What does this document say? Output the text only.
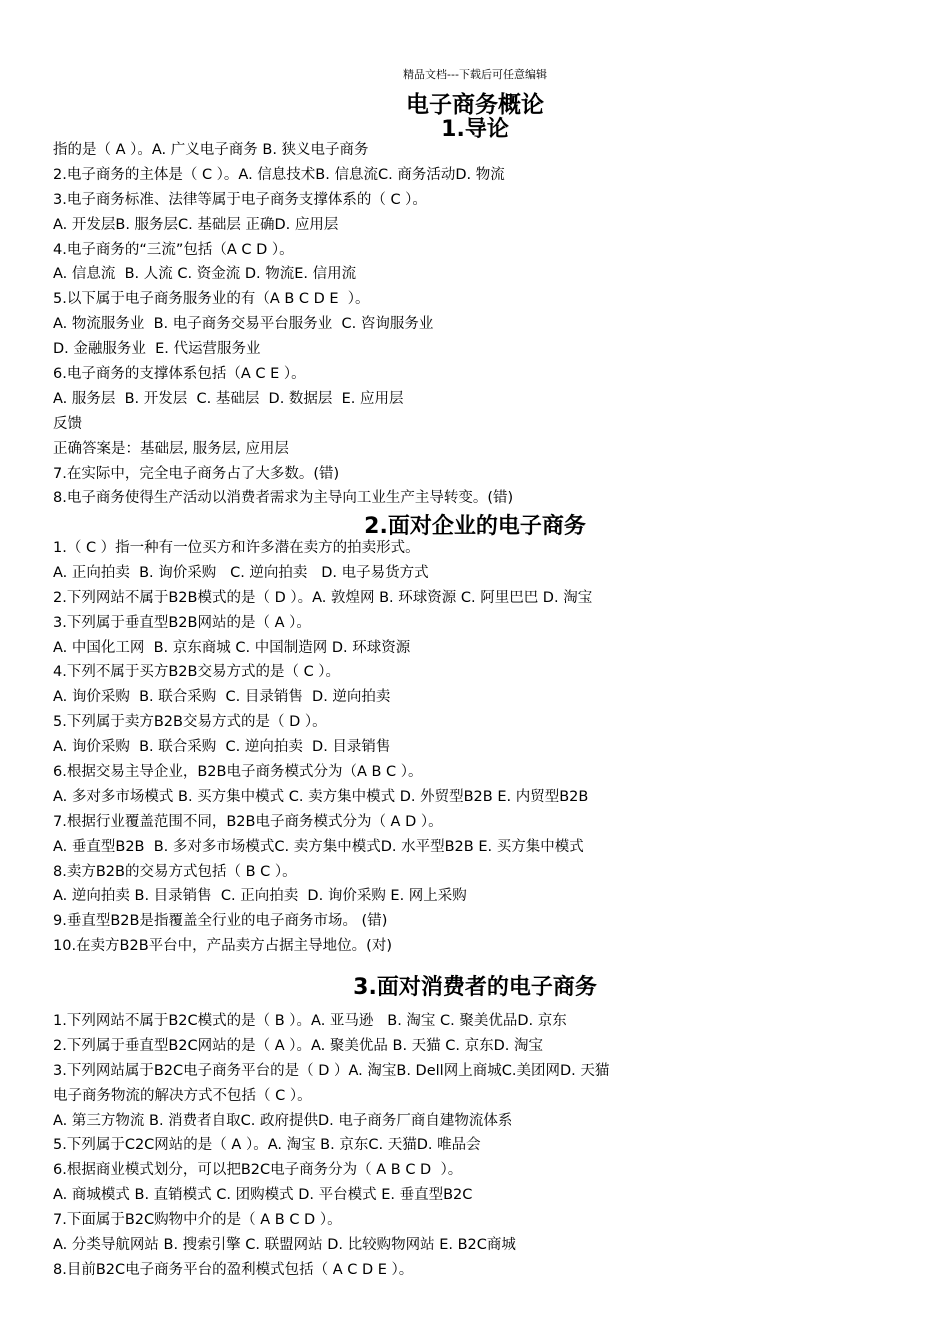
精品文档---下载后可任意编辑
电子商务概论
1.导论
指的是（ A ）。A. 广义电子商务 B. 狭义电子商务
2.电子商务的主体是（ C ）。A. 信息技术B. 信息流C. 商务活动D. 物流
3.电子商务标准、法律等属于电子商务支撑体系的（ C ）。
A. 开发层B. 服务层C. 基础层 正确D. 应用层
4.电子商务的“三流”包括（A C D ）。
A. 信息流  B. 人流 C. 资金流 D. 物流E. 信用流
5.以下属于电子商务服务业的有（A B C D E  ）。
A. 物流服务业  B. 电子商务交易平台服务业  C. 咨询服务业
D. 金融服务业  E. 代运营服务业
6.电子商务的支撑体系包括（A C E ）。
A. 服务层  B. 开发层  C. 基础层  D. 数据层  E. 应用层
反馈
正确答案是：基础层, 服务层, 应用层
7.在实际中，完全电子商务占了大多数。(错)
8.电子商务使得生产活动以消费者需求为主导向工业生产主导转变。(错)
2.面对企业的电子商务
1.（ C ）指一种有一位买方和许多潜在卖方的拍卖形式。
A. 正向拍卖  B. 询价采购   C. 逆向拍卖   D. 电子易货方式
2.下列网站不属于B2B模式的是（ D ）。A. 敦煌网 B. 环球资源 C. 阿里巴巴 D. 淘宝
3.下列属于垂直型B2B网站的是（ A ）。
A. 中国化工网  B. 京东商城 C. 中国制造网 D. 环球资源
4.下列不属于买方B2B交易方式的是（ C ）。
A. 询价采购  B. 联合采购  C. 目录销售  D. 逆向拍卖
5.下列属于卖方B2B交易方式的是（ D ）。
A. 询价采购  B. 联合采购  C. 逆向拍卖  D. 目录销售
6.根据交易主导企业，B2B电子商务模式分为（A B C ）。
A. 多对多市场模式 B. 买方集中模式 C. 卖方集中模式 D. 外贸型B2B E. 内贸型B2B
7.根据行业覆盖范围不同，B2B电子商务模式分为（ A D ）。
A. 垂直型B2B  B. 多对多市场模式C. 卖方集中模式D. 水平型B2B E. 买方集中模式
8.卖方B2B的交易方式包括（ B C ）。
A. 逆向拍卖 B. 目录销售  C. 正向拍卖  D. 询价采购 E. 网上采购
9.垂直型B2B是指覆盖全行业的电子商务市场。 (错)
10.在卖方B2B平台中，产品卖方占据主导地位。(对)
3.面对消费者的电子商务
1.下列网站不属于B2C模式的是（ B ）。A. 亚马逊   B. 淘宝 C. 聚美优品D. 京东
2.下列属于垂直型B2C网站的是（ A ）。A. 聚美优品 B. 天猫 C. 京东D. 淘宝
3.下列网站属于B2C电子商务平台的是（ D ）A. 淘宝B. Dell网上商城C.美团网D. 天猫
电子商务物流的解决方式不包括（ C ）。
A. 第三方物流 B. 消费者自取C. 政府提供D. 电子商务厂商自建物流体系
5.下列属于C2C网站的是（ A ）。A. 淘宝 B. 京东C. 天猫D. 唯品会
6.根据商业模式划分，可以把B2C电子商务分为（ A B C D  ）。
A. 商城模式 B. 直销模式 C. 团购模式 D. 平台模式 E. 垂直型B2C
7.下面属于B2C购物中介的是（ A B C D ）。
A. 分类导航网站 B. 搜索引擎 C. 联盟网站 D. 比较购物网站 E. B2C商城
8.目前B2C电子商务平台的盈利模式包括（ A C D E ）。
